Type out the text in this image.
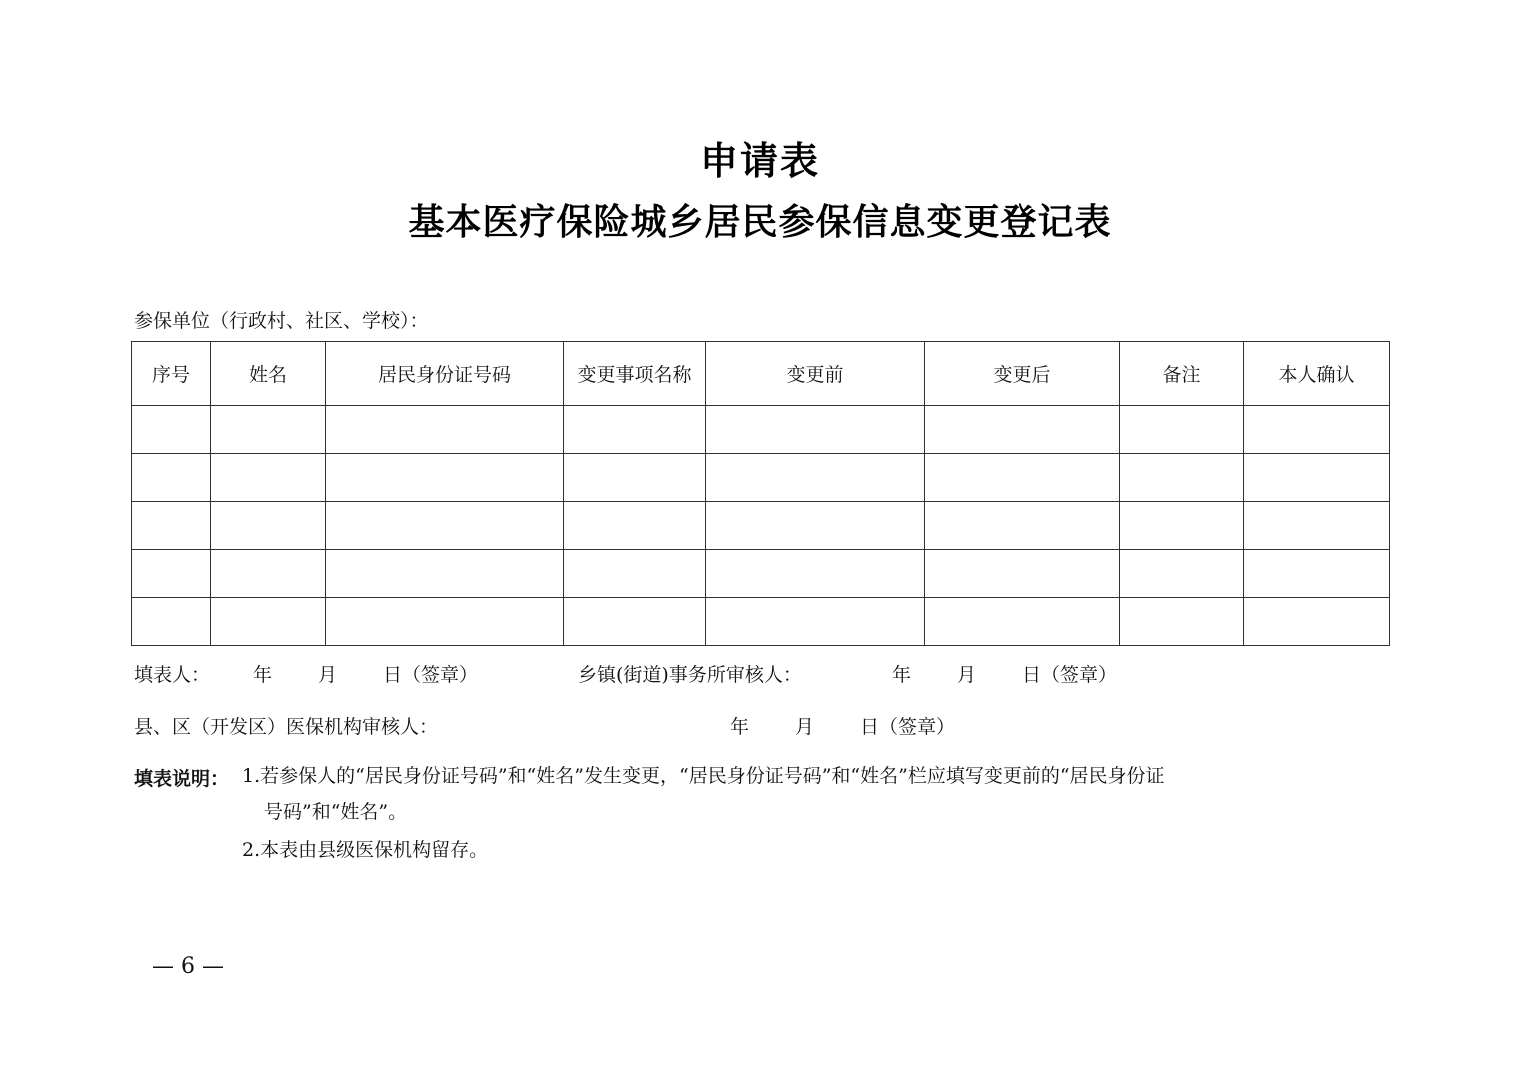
申请表
基本医疗保险城乡居民参保信息变更登记表
参保单位（行政村、社区、学校）：
序号	姓名	居民身份证号码	变更事项名称	变更前	变更后	备注	本人确认

填表人： 年 月 日（签章）	乡镇(街道)事务所审核人：	年 月 日（签章）
县、区（开发区）医保机构审核人：	年 月 日（签章）
填表说明： 1.若参保人的“居民身份证号码”和“姓名”发生变更，“居民身份证号码”和“姓名”栏应填写变更前的“居民身份证
号码”和“姓名”。
2.本表由县级医保机构留存。
— 6 —
